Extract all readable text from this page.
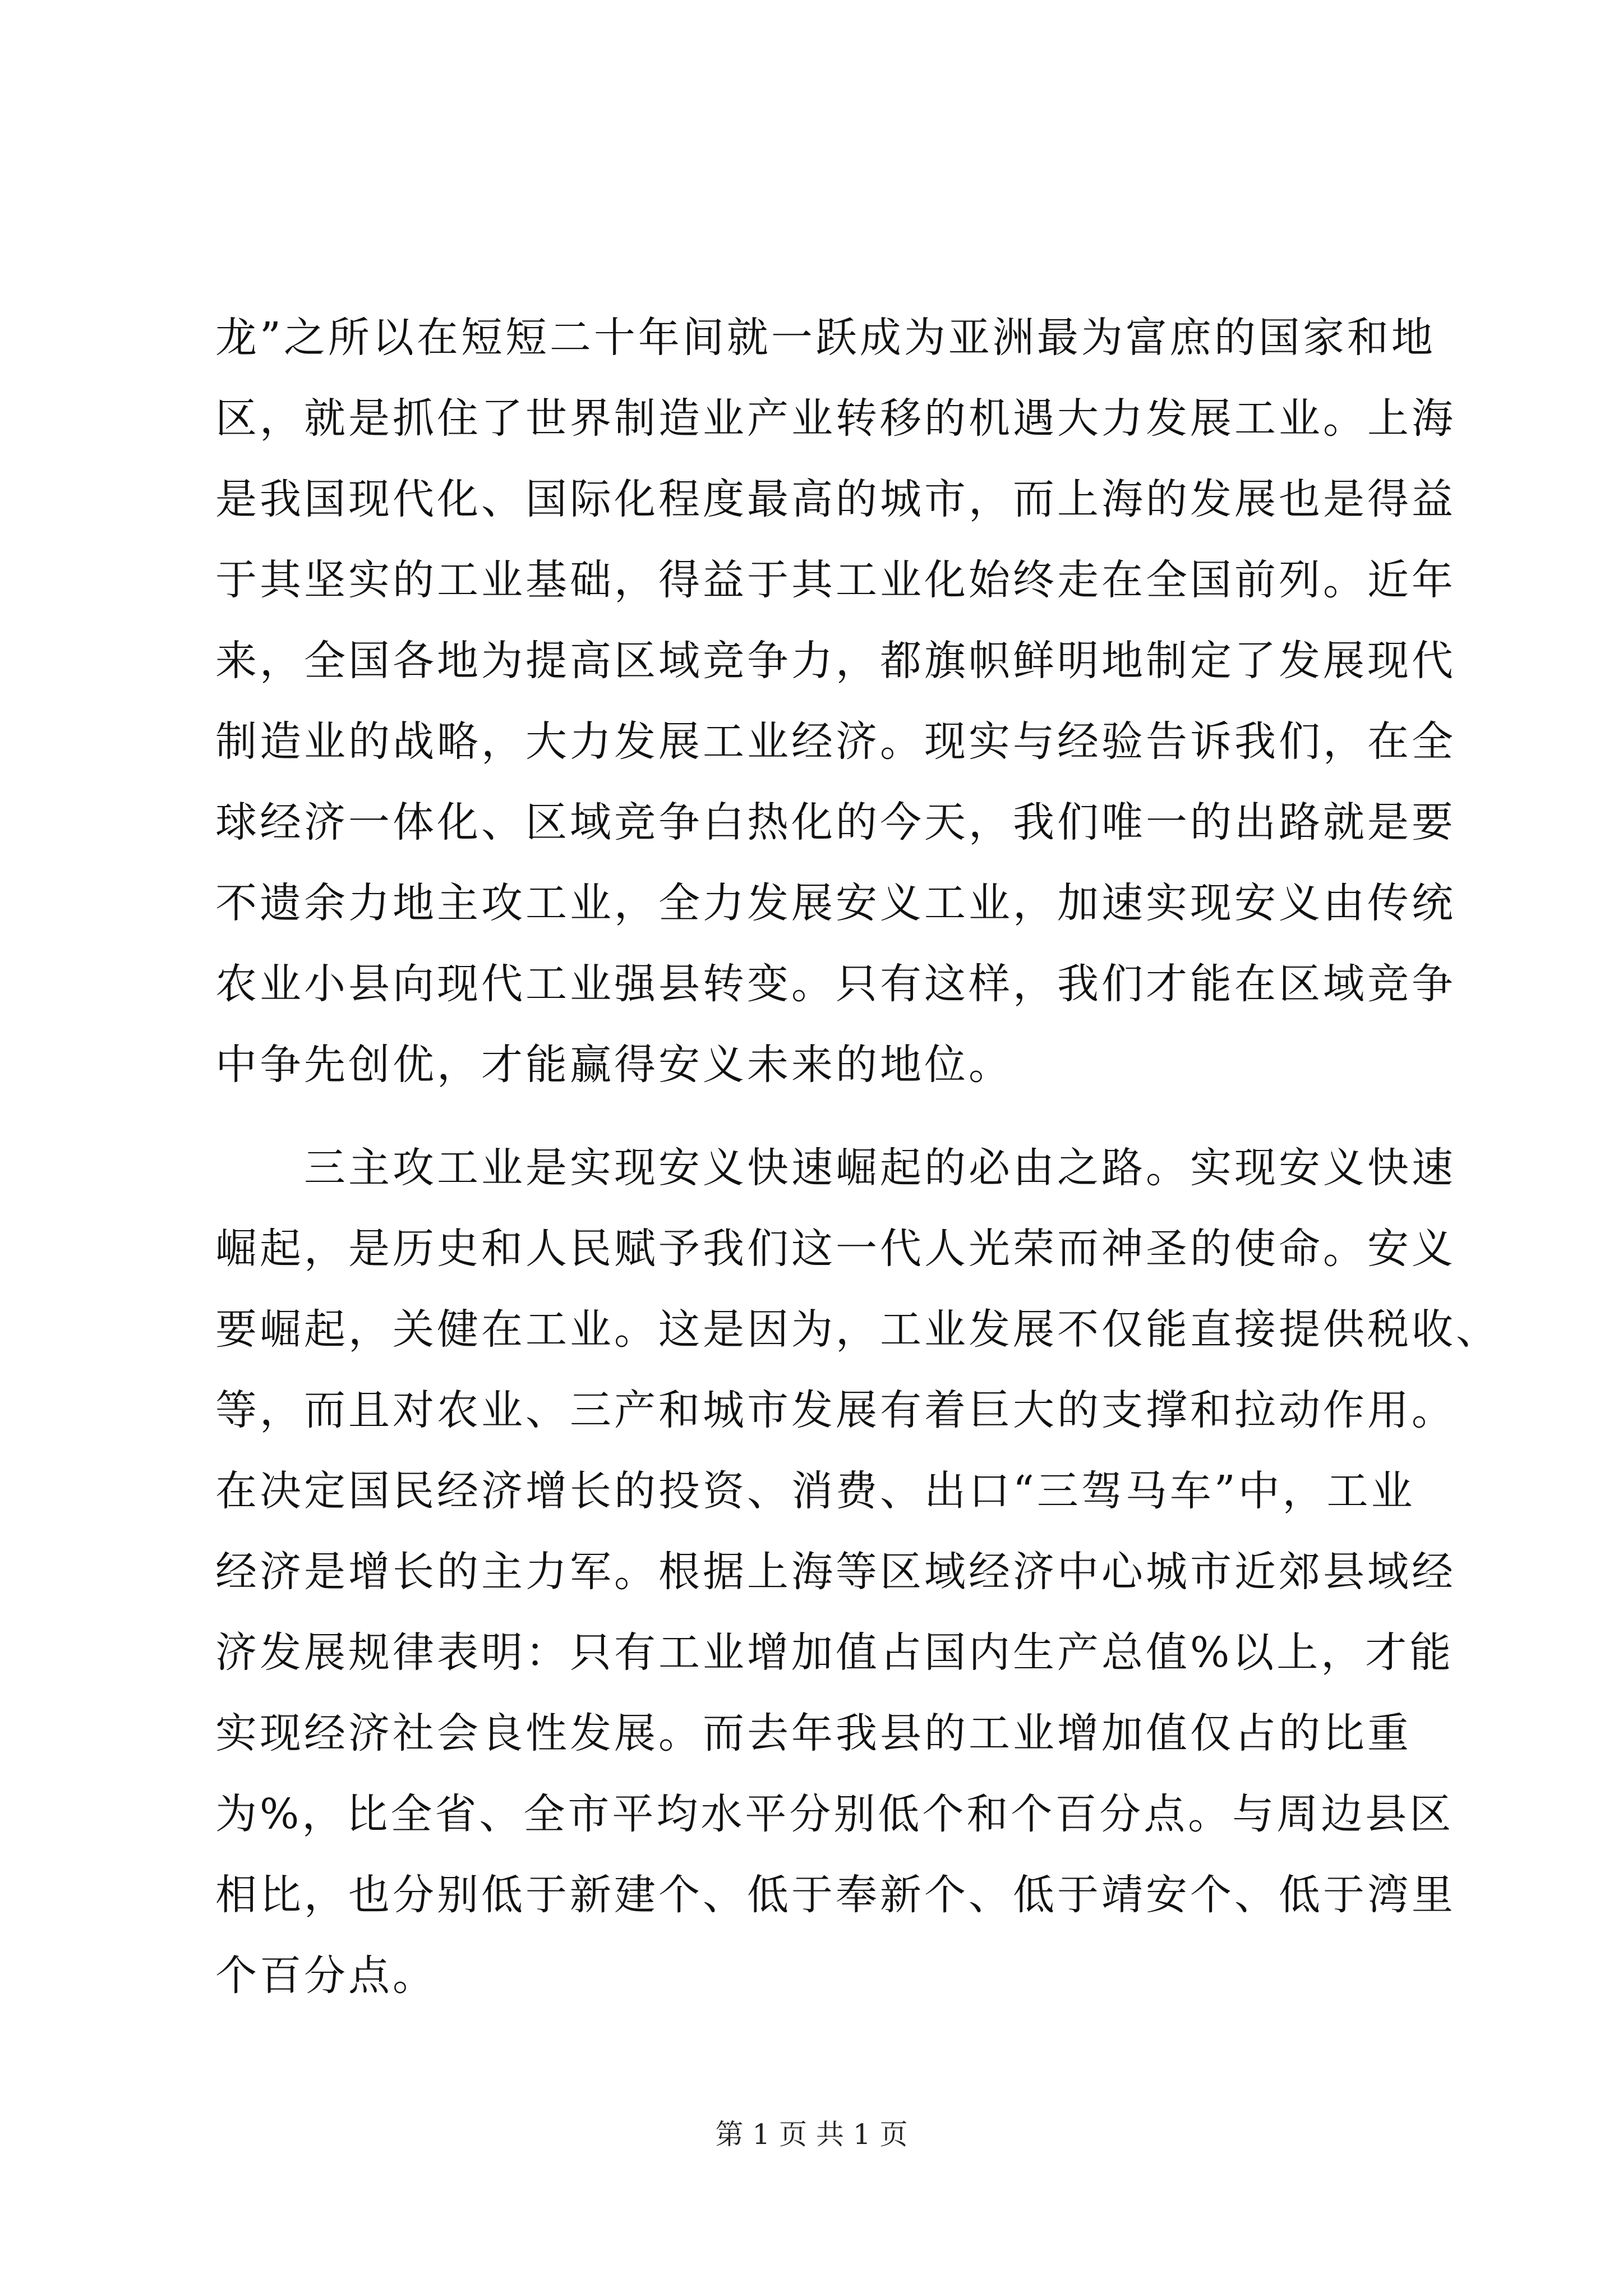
龙”之所以在短短二十年间就一跃成为亚洲最为富庶的国家和地
区，就是抓住了世界制造业产业转移的机遇大力发展工业。上海
是我国现代化、国际化程度最高的城市，而上海的发展也是得益
于其坚实的工业基础，得益于其工业化始终走在全国前列。近年
来，全国各地为提高区域竞争力，都旗帜鲜明地制定了发展现代
制造业的战略，大力发展工业经济。现实与经验告诉我们，在全
球经济一体化、区域竞争白热化的今天，我们唯一的出路就是要
不遗余力地主攻工业，全力发展安义工业，加速实现安义由传统
农业小县向现代工业强县转变。只有这样，我们才能在区域竞争
中争先创优，才能赢得安义未来的地位。
　　三主攻工业是实现安义快速崛起的必由之路。实现安义快速
崛起，是历史和人民赋予我们这一代人光荣而神圣的使命。安义
要崛起，关健在工业。这是因为，工业发展不仅能直接提供税收、
等，而且对农业、三产和城市发展有着巨大的支撑和拉动作用。
在决定国民经济增长的投资、消费、出口“三驾马车”中，工业
经济是增长的主力军。根据上海等区域经济中心城市近郊县域经
济发展规律表明：只有工业增加值占国内生产总值%以上，才能
实现经济社会良性发展。而去年我县的工业增加值仅占的比重
为%，比全省、全市平均水平分别低个和个百分点。与周边县区
相比，也分别低于新建个、低于奉新个、低于靖安个、低于湾里
个百分点。
第 1 页 共 1 页
